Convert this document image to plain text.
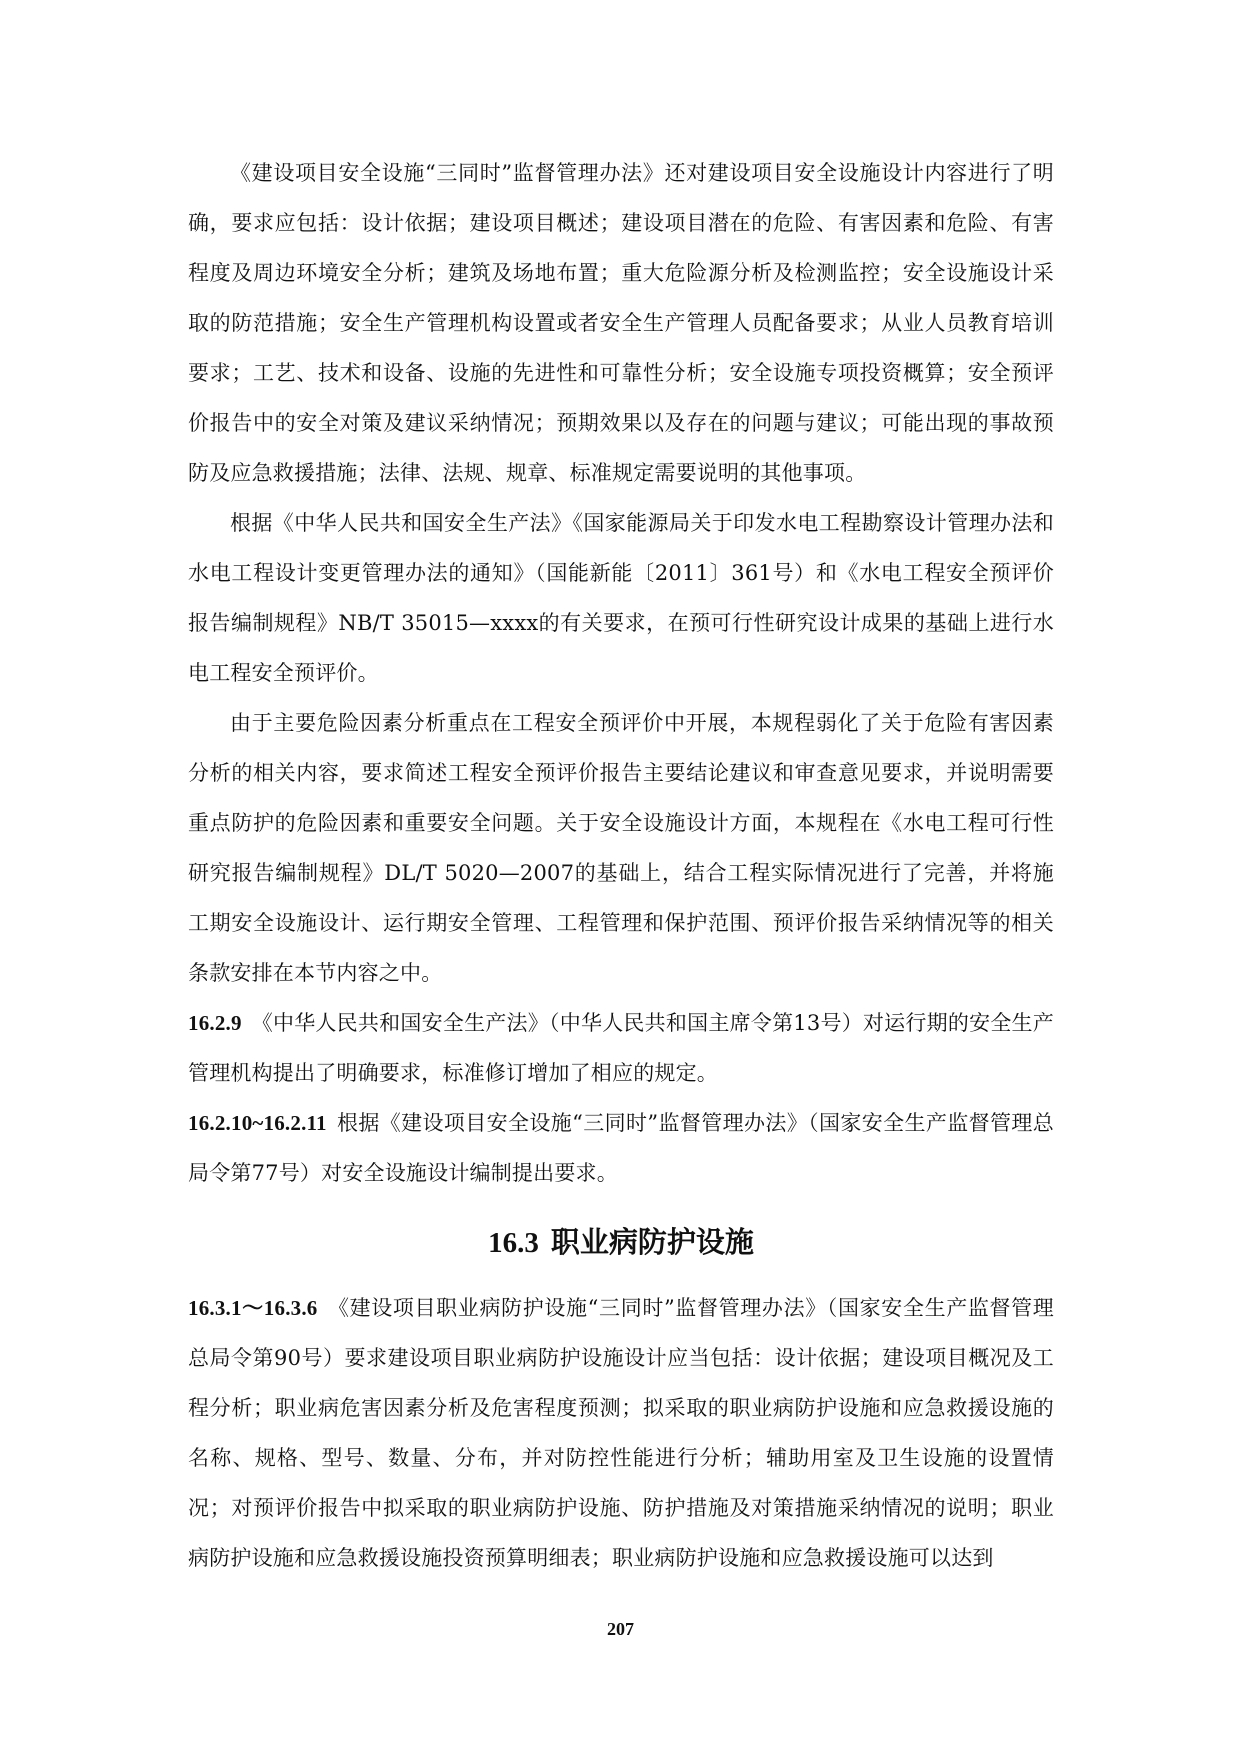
《建设项目安全设施“三同时”监督管理办法》还对建设项目安全设施设计内容进行了明确，要求应包括：设计依据；建设项目概述；建设项目潜在的危险、有害因素和危险、有害程度及周边环境安全分析；建筑及场地布置；重大危险源分析及检测监控；安全设施设计采取的防范措施；安全生产管理机构设置或者安全生产管理人员配备要求；从业人员教育培训要求；工艺、技术和设备、设施的先进性和可靠性分析；安全设施专项投资概算；安全预评价报告中的安全对策及建议采纳情况；预期效果以及存在的问题与建议；可能出现的事故预防及应急救援措施；法律、法规、规章、标准规定需要说明的其他事项。

根据《中华人民共和国安全生产法》《国家能源局关于印发水电工程勘察设计管理办法和水电工程设计变更管理办法的通知》（国能新能〔2011〕361号）和《水电工程安全预评价报告编制规程》NB/T 35015—xxxx的有关要求，在预可行性研究设计成果的基础上进行水电工程安全预评价。

由于主要危险因素分析重点在工程安全预评价中开展，本规程弱化了关于危险有害因素分析的相关内容，要求简述工程安全预评价报告主要结论建议和审查意见要求，并说明需要重点防护的危险因素和重要安全问题。关于安全设施设计方面，本规程在《水电工程可行性研究报告编制规程》DL/T 5020—2007的基础上，结合工程实际情况进行了完善，并将施工期安全设施设计、运行期安全管理、工程管理和保护范围、预评价报告采纳情况等的相关条款安排在本节内容之中。

16.2.9 《中华人民共和国安全生产法》（中华人民共和国主席令第13号）对运行期的安全生产管理机构提出了明确要求，标准修订增加了相应的规定。

16.2.10~16.2.11 根据《建设项目安全设施“三同时”监督管理办法》（国家安全生产监督管理总局令第77号）对安全设施设计编制提出要求。

16.3 职业病防护设施

16.3.1～16.3.6 《建设项目职业病防护设施“三同时”监督管理办法》（国家安全生产监督管理总局令第90号）要求建设项目职业病防护设施设计应当包括：设计依据；建设项目概况及工程分析；职业病危害因素分析及危害程度预测；拟采取的职业病防护设施和应急救援设施的名称、规格、型号、数量、分布，并对防控性能进行分析；辅助用室及卫生设施的设置情况；对预评价报告中拟采取的职业病防护设施、防护措施及对策措施采纳情况的说明；职业病防护设施和应急救援设施投资预算明细表；职业病防护设施和应急救援设施可以达到

207
